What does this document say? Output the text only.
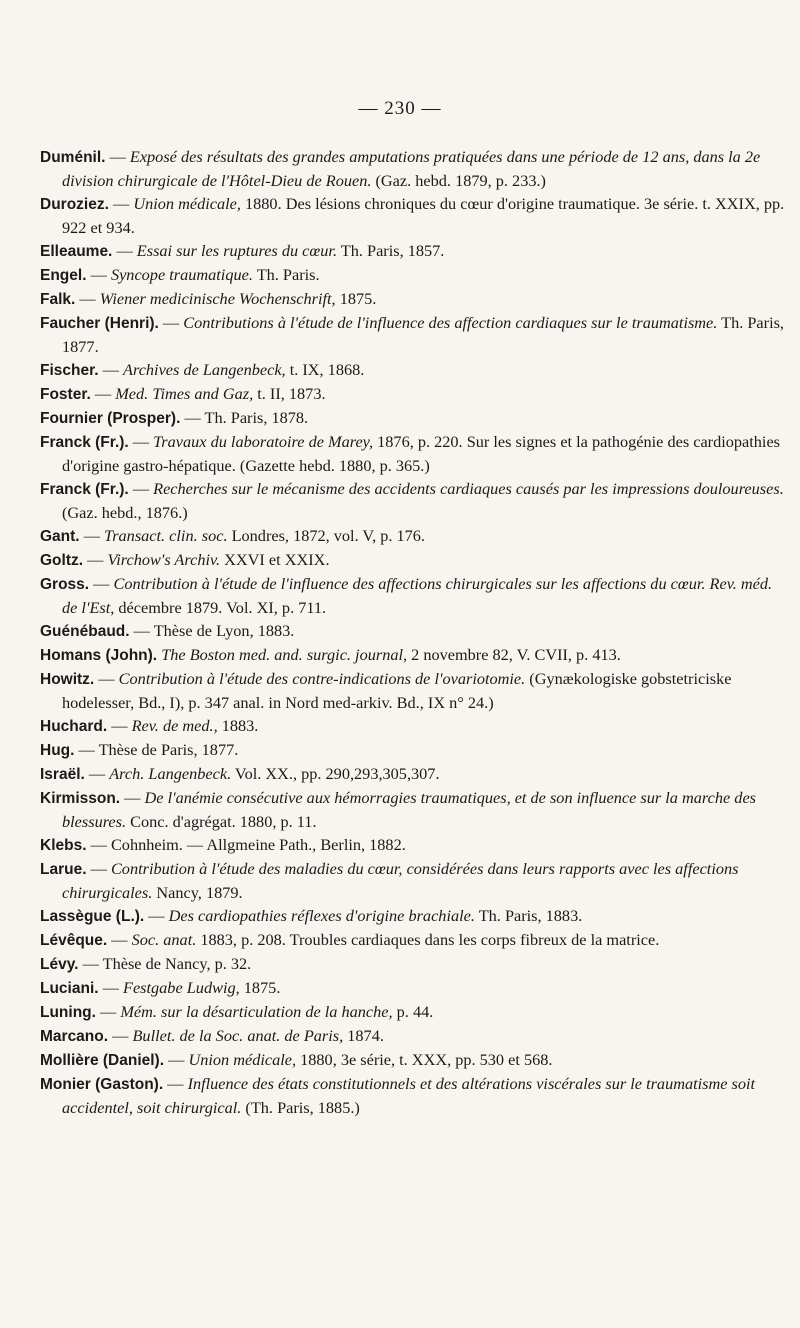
— 230 —

Duménil. — Exposé des résultats des grandes amputations pratiquées dans une période de 12 ans, dans la 2e division chirurgicale de l'Hôtel-Dieu de Rouen. (Gaz. hebd. 1879, p. 233.)

Duroziez. — Union médicale, 1880. Des lésions chroniques du cœur d'origine traumatique. 3e série. t. XXIX, pp. 922 et 934.

Elleaume. — Essai sur les ruptures du cœur. Th. Paris, 1857.

Engel. — Syncope traumatique. Th. Paris.

Falk. — Wiener medicinische Wochenschrift, 1875.

Faucher (Henri). — Contributions à l'étude de l'influence des affection cardiaques sur le traumatisme. Th. Paris, 1877.

Fischer. — Archives de Langenbeck, t. IX, 1868.

Foster. — Med. Times and Gaz, t. II, 1873.

Fournier (Prosper). — Th. Paris, 1878.

Franck (Fr.). — Travaux du laboratoire de Marey, 1876, p. 220. Sur les signes et la pathogénie des cardiopathies d'origine gastro-hépatique. (Gazette hebd. 1880, p. 365.)

Franck (Fr.). — Recherches sur le mécanisme des accidents cardiaques causés par les impressions douloureuses. (Gaz. hebd., 1876.)

Gant. — Transact. clin. soc. Londres, 1872, vol. V, p. 176.

Goltz. — Virchow's Archiv. XXVI et XXIX.

Gross. — Contribution à l'étude de l'influence des affections chirurgicales sur les affections du cœur. Rev. méd. de l'Est, décembre 1879. Vol. XI, p. 711.

Guénébaud. — Thèse de Lyon, 1883.

Homans (John). The Boston med. and. surgic. journal, 2 novembre 82, V. CVII, p. 413.

Howitz. — Contribution à l'étude des contre-indications de l'ovariotomie. (Gynækologiske gobstetriciske hodelesser, Bd., I), p. 347 anal. in Nord med-arkiv. Bd., IX n° 24.)

Huchard. — Rev. de med., 1883.

Hug. — Thèse de Paris, 1877.

Israël. — Arch. Langenbeck. Vol. XX., pp. 290,293,305,307.

Kirmisson. — De l'anémie consécutive aux hémorragies traumatiques, et de son influence sur la marche des blessures. Conc. d'agrégat. 1880, p. 11.

Klebs. — Cohnheim. — Allgmeine Path., Berlin, 1882.

Larue. — Contribution à l'étude des maladies du cœur, considérées dans leurs rapports avec les affections chirurgicales. Nancy, 1879.

Lassègue (L.). — Des cardiopathies réflexes d'origine brachiale. Th. Paris, 1883.

Lévêque. — Soc. anat. 1883, p. 208. Troubles cardiaques dans les corps fibreux de la matrice.

Lévy. — Thèse de Nancy, p. 32.

Luciani. — Festgabe Ludwig, 1875.

Luning. — Mém. sur la désarticulation de la hanche, p. 44.

Marcano. — Bullet. de la Soc. anat. de Paris, 1874.

Mollière (Daniel). — Union médicale, 1880, 3e série, t. XXX, pp. 530 et 568.

Monier (Gaston). — Influence des états constitutionnels et des altérations viscérales sur le traumatisme soit accidentel, soit chirurgical. (Th. Paris, 1885.)
